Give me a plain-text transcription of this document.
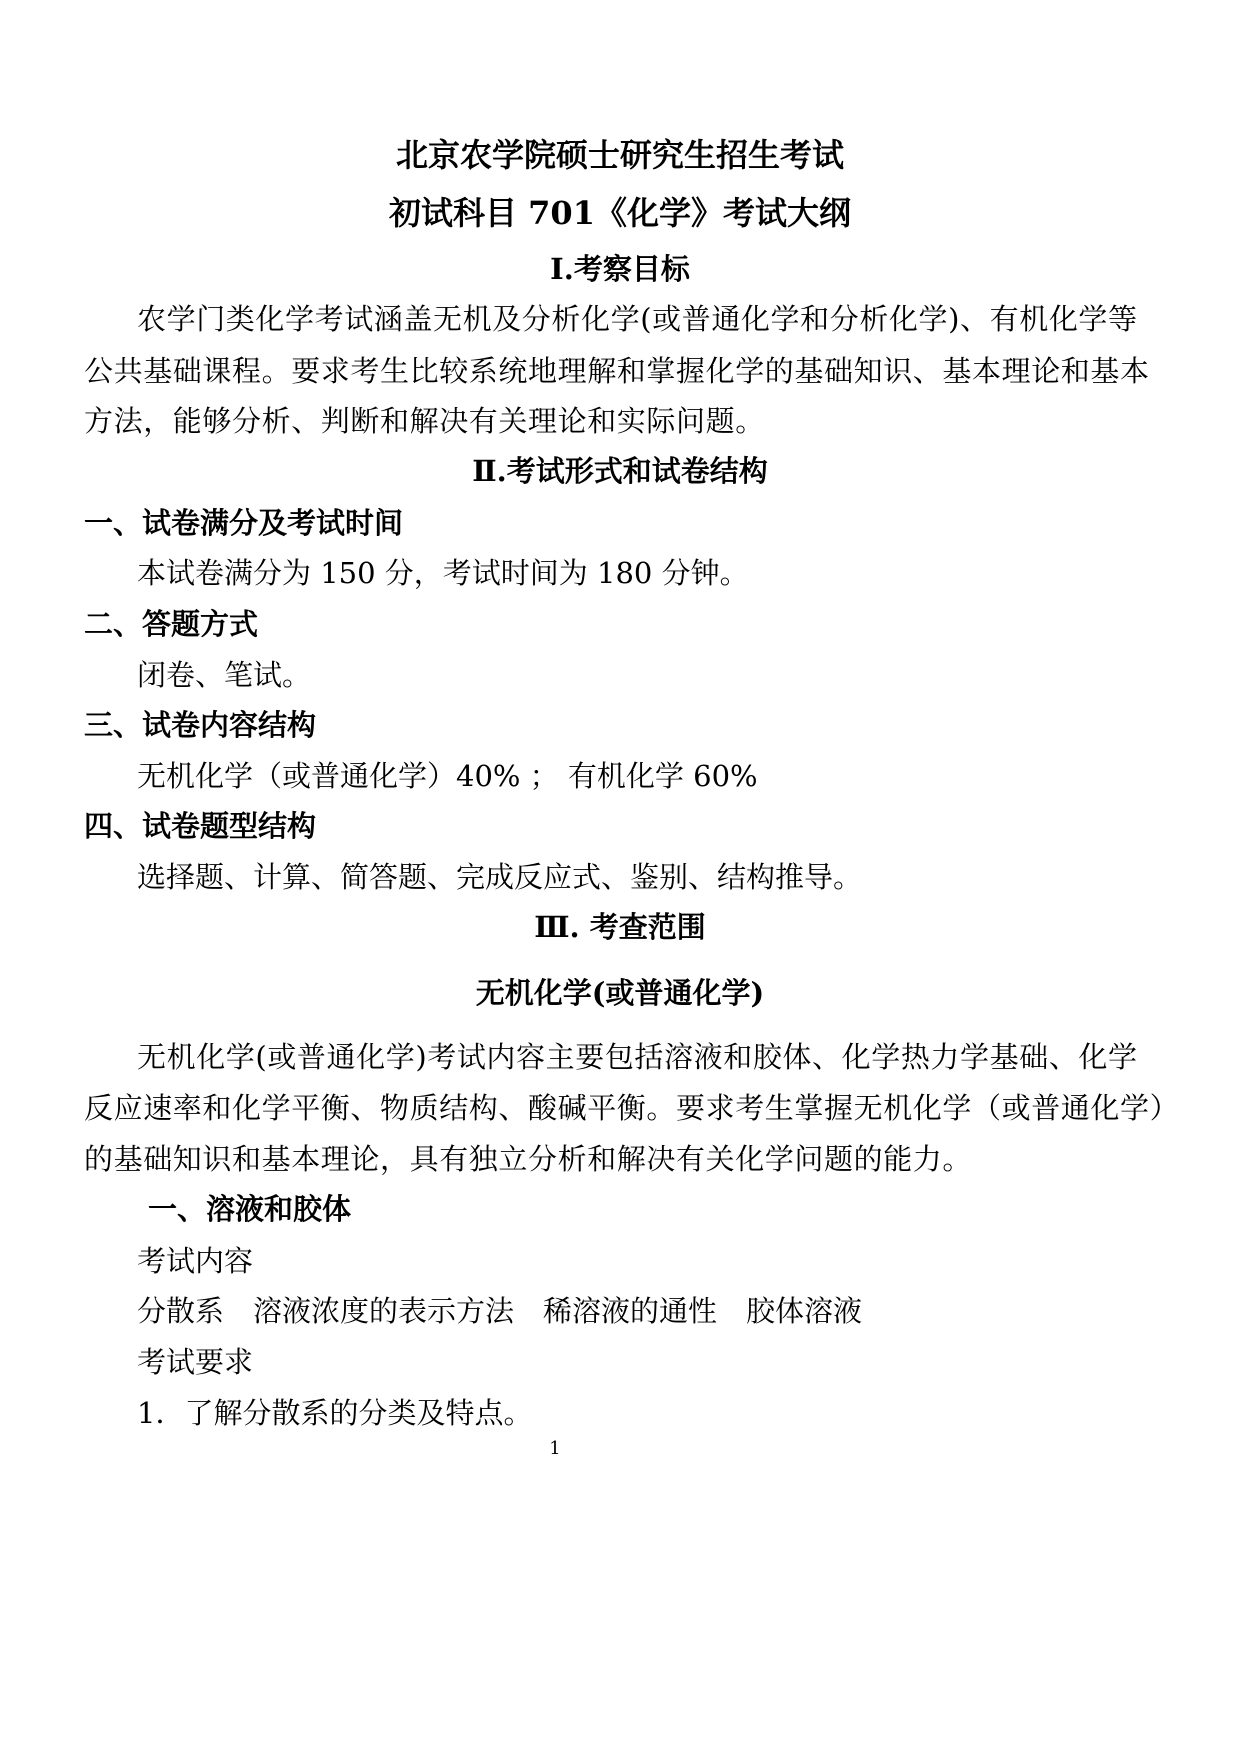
北京农学院硕士研究生招生考试
初试科目 701《化学》考试大纲
Ⅰ.考察目标
农学门类化学考试涵盖无机及分析化学(或普通化学和分析化学)、有机化学等
公共基础课程。要求考生比较系统地理解和掌握化学的基础知识、基本理论和基本
方法，能够分析、判断和解决有关理论和实际问题。
Ⅱ.考试形式和试卷结构
一、试卷满分及考试时间
本试卷满分为 150 分，考试时间为 180 分钟。
二、答题方式
闭卷、笔试。
三、试卷内容结构
无机化学（或普通化学）40% ； 有机化学 60%
四、试卷题型结构
选择题、计算、简答题、完成反应式、鉴别、结构推导。
Ⅲ. 考查范围
无机化学(或普通化学)
无机化学(或普通化学)考试内容主要包括溶液和胶体、化学热力学基础、化学
反应速率和化学平衡、物质结构、酸碱平衡。要求考生掌握无机化学（或普通化学）
的基础知识和基本理论，具有独立分析和解决有关化学问题的能力。
一、溶液和胶体
考试内容
分散系　溶液浓度的表示方法　稀溶液的通性　胶体溶液
考试要求
1．了解分散系的分类及特点。
1
